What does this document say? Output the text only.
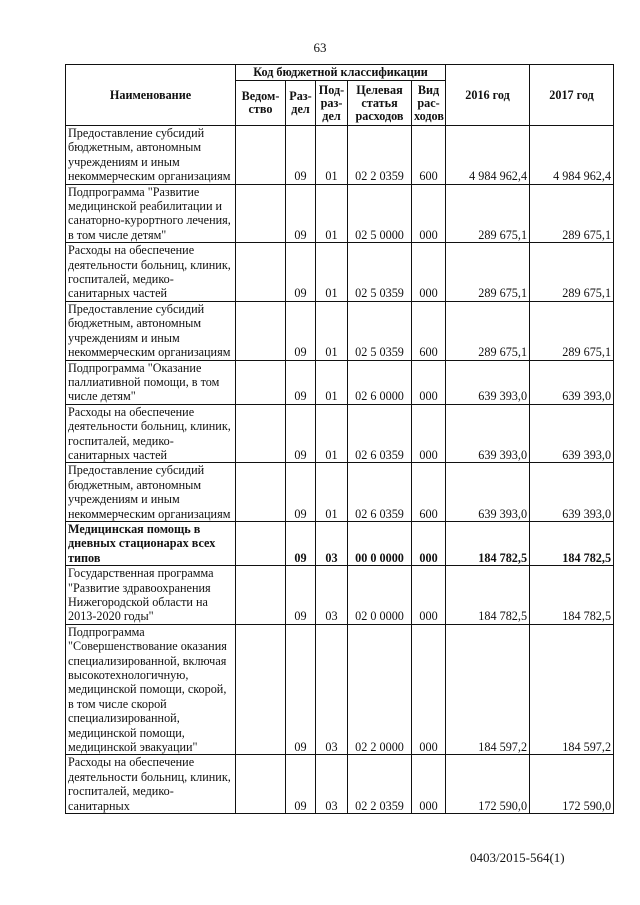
63
Наименование	Код бюджетной классификации					2016 год	2017 год
	Ведом-ство	Раз-дел	Под-раз-дел	Целевая статья расходов	Вид рас-ходов		
Предоставление субсидий бюджетным, автономным учреждениям и иным некоммерческим организациям		09	01	02 2 0359	600	4 984 962,4	4 984 962,4
Подпрограмма "Развитие медицинской реабилитации и санаторно-курортного лечения, в том числе детям"		09	01	02 5 0000	000	289 675,1	289 675,1
Расходы на обеспечение деятельности больниц, клиник, госпиталей, медико-санитарных частей		09	01	02 5 0359	000	289 675,1	289 675,1
Предоставление субсидий бюджетным, автономным учреждениям и иным некоммерческим организациям		09	01	02 5 0359	600	289 675,1	289 675,1
Подпрограмма "Оказание паллиативной помощи, в том числе детям"		09	01	02 6 0000	000	639 393,0	639 393,0
Расходы на обеспечение деятельности больниц, клиник, госпиталей, медико-санитарных частей		09	01	02 6 0359	000	639 393,0	639 393,0
Предоставление субсидий бюджетным, автономным учреждениям и иным некоммерческим организациям		09	01	02 6 0359	600	639 393,0	639 393,0
Медицинская помощь в дневных стационарах всех типов		09	03	00 0 0000	000	184 782,5	184 782,5
Государственная программа "Развитие здравоохранения Нижегородской области на 2013-2020 годы"		09	03	02 0 0000	000	184 782,5	184 782,5
Подпрограмма "Совершенствование оказания специализированной, включая высокотехнологичную, медицинской помощи, скорой, в том числе скорой специализированной, медицинской помощи, медицинской эвакуации"		09	03	02 2 0000	000	184 597,2	184 597,2
Расходы на обеспечение деятельности больниц, клиник, госпиталей, медико-санитарных		09	03	02 2 0359	000	172 590,0	172 590,0
0403/2015-564(1)
